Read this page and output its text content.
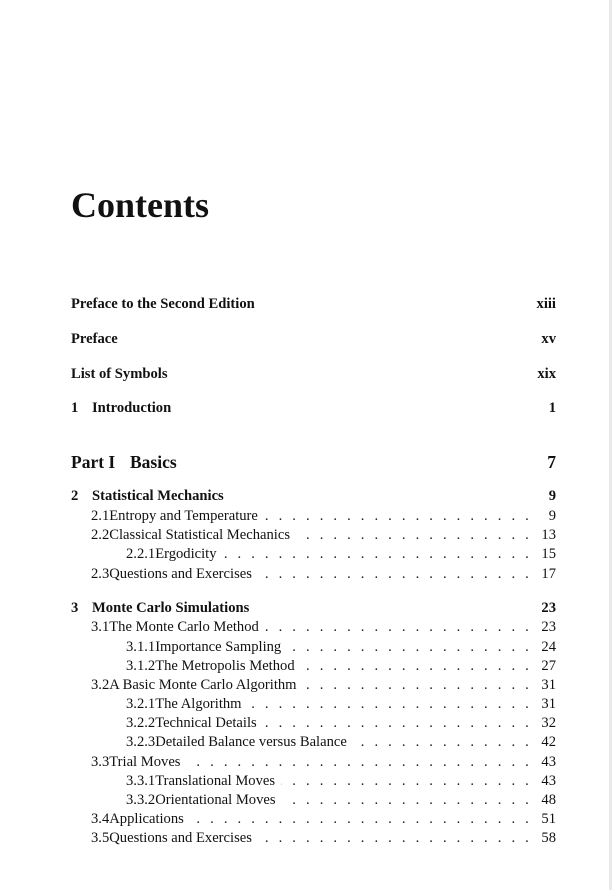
Contents
Preface to the Second Edition	xiii
Preface	xv
List of Symbols	xix
1 Introduction	1
Part I Basics	7
2 Statistical Mechanics	9
2.1 Entropy and Temperature . . .	9
2.2 Classical Statistical Mechanics . . .	13
2.2.1 Ergodicity . . .	15
2.3 Questions and Exercises . . .	17
3 Monte Carlo Simulations	23
3.1 The Monte Carlo Method . . .	23
3.1.1 Importance Sampling . . .	24
3.1.2 The Metropolis Method . . .	27
3.2 A Basic Monte Carlo Algorithm . . .	31
3.2.1 The Algorithm . . .	31
3.2.2 Technical Details . . .	32
3.2.3 Detailed Balance versus Balance . . .	42
3.3 Trial Moves . . .	43
3.3.1 Translational Moves . . .	43
3.3.2 Orientational Moves . . .	48
3.4 Applications . . .	51
3.5 Questions and Exercises . . .	58
